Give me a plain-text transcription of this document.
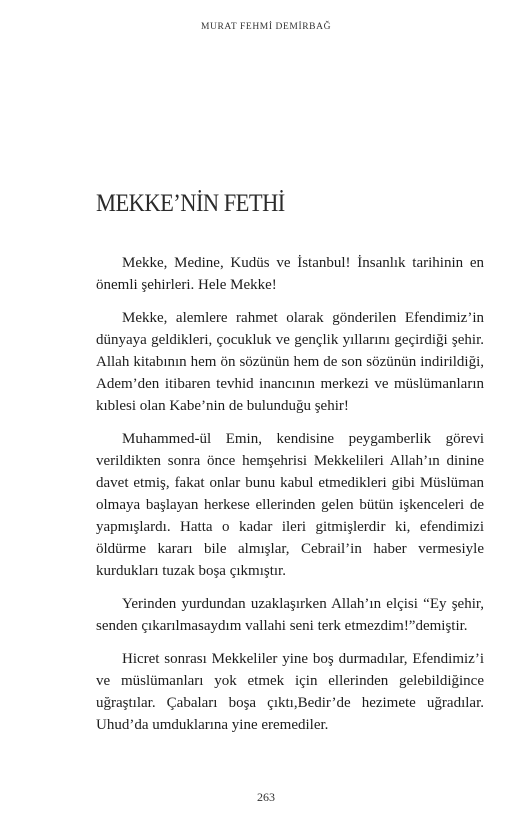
MURAT FEHMİ DEMİRBAĞ
MEKKE’NİN FETHİ

Mekke, Medine, Kudüs ve İstanbul! İnsanlık tarihinin en önemli şehirleri. Hele Mekke!

Mekke, alemlere rahmet olarak gönderilen Efendimiz’in dünyaya geldikleri, çocukluk ve gençlik yıllarını geçirdiği şehir. Allah kitabının hem ön sözünün hem de son sözünün indirildiği, Adem’den itibaren tevhid inancının merkezi ve müslümanların kıblesi olan Kabe’nin de bulunduğu şehir!

Muhammed-ül Emin, kendisine peygamberlik görevi verildikten sonra önce hemşehrisi Mekkelileri Allah’ın dinine davet etmiş, fakat onlar bunu kabul etmedikleri gibi Müslüman olmaya başlayan herkese ellerinden gelen bütün işkenceleri de yapmışlardı. Hatta o kadar ileri gitmişlerdir ki, efendimizi öldürme kararı bile almışlar, Cebrail’in haber vermesiyle kurdukları tuzak boşa çıkmıştır.

Yerinden yurdundan uzaklaşırken Allah’ın elçisi “Ey şehir, senden çıkarılmasaydım vallahi seni terk etmezdim!”demiştir.

Hicret sonrası Mekkeliler yine boş durmadılar, Efendimiz’i ve müslümanları yok etmek için ellerinden gelebildiğince uğraştılar. Çabaları boşa çıktı,Bedir’de hezimete uğradılar. Uhud’da umduklarına yine eremediler.

263
